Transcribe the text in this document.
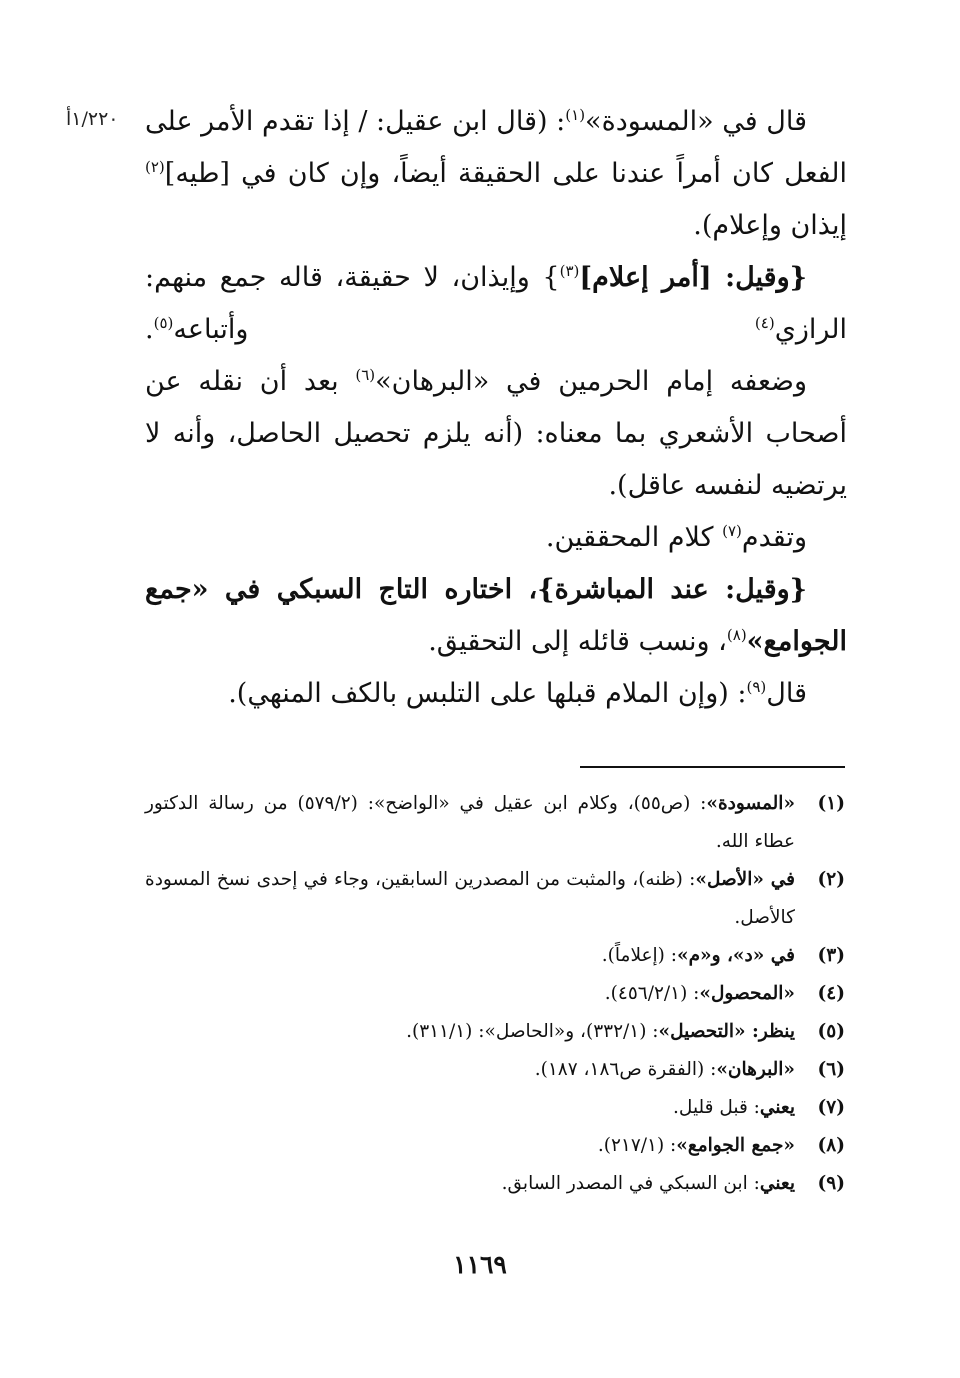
١/٢٢٠أ	قال في «المسودة»$^{(١)}$: (قال ابن عقيل: / إذا تقدم الأمر على الفعل كان أمراً عندنا على الحقيقة أيضاً، وإن كان في [طيه]$^{(٢)}$ إيذان وإعلام).

{وقيل: [أمر إعلام]$^{(٣)}$} وإيذان، لا حقيقة، قاله جمع منهم: الرازي$^{(٤)}$ وأتباعه$^{(٥)}$.

وضعفه إمام الحرمين في «البرهان»$^{(٦)}$ بعد أن نقله عن أصحاب الأشعري بما معناه: (أنه يلزم تحصيل الحاصل، وأنه لا يرتضيه لنفسه عاقل).

وتقدم$^{(٧)}$ كلام المحققين.

{وقيل: عند المباشرة}، اختاره التاج السبكي في «جمع الجوامع»$^{(٨)}$، ونسب قائله إلى التحقيق.

قال$^{(٩)}$: (وإن الملام قبلها على التلبس بالكف المنهي).

(١)
«المسودة»: (ص٥٥)، وكلام ابن عقيل في «الواضح»: (٥٧٩/٢) من رسالة الدكتور عطاء الله.
(٢)
في «الأصل»: (ظنه)، والمثبت من المصدرين السابقين، وجاء في إحدى نسخ المسودة كالأصل.
(٣)
في «د»، و«م»: (إعلاماً).
(٤)
«المحصول»: (٤٥٦/٢/١).
(٥)
ينظر: «التحصيل»: (٣٣٢/١)، و«الحاصل»: (٣١١/١).
(٦)
«البرهان»: (الفقرة ص١٨٦، ١٨٧).
(٧)
يعني: قبل قليل.
(٨)
«جمع الجوامع»: (٢١٧/١).
(٩)
يعني: ابن السبكي في المصدر السابق.
١١٦٩
